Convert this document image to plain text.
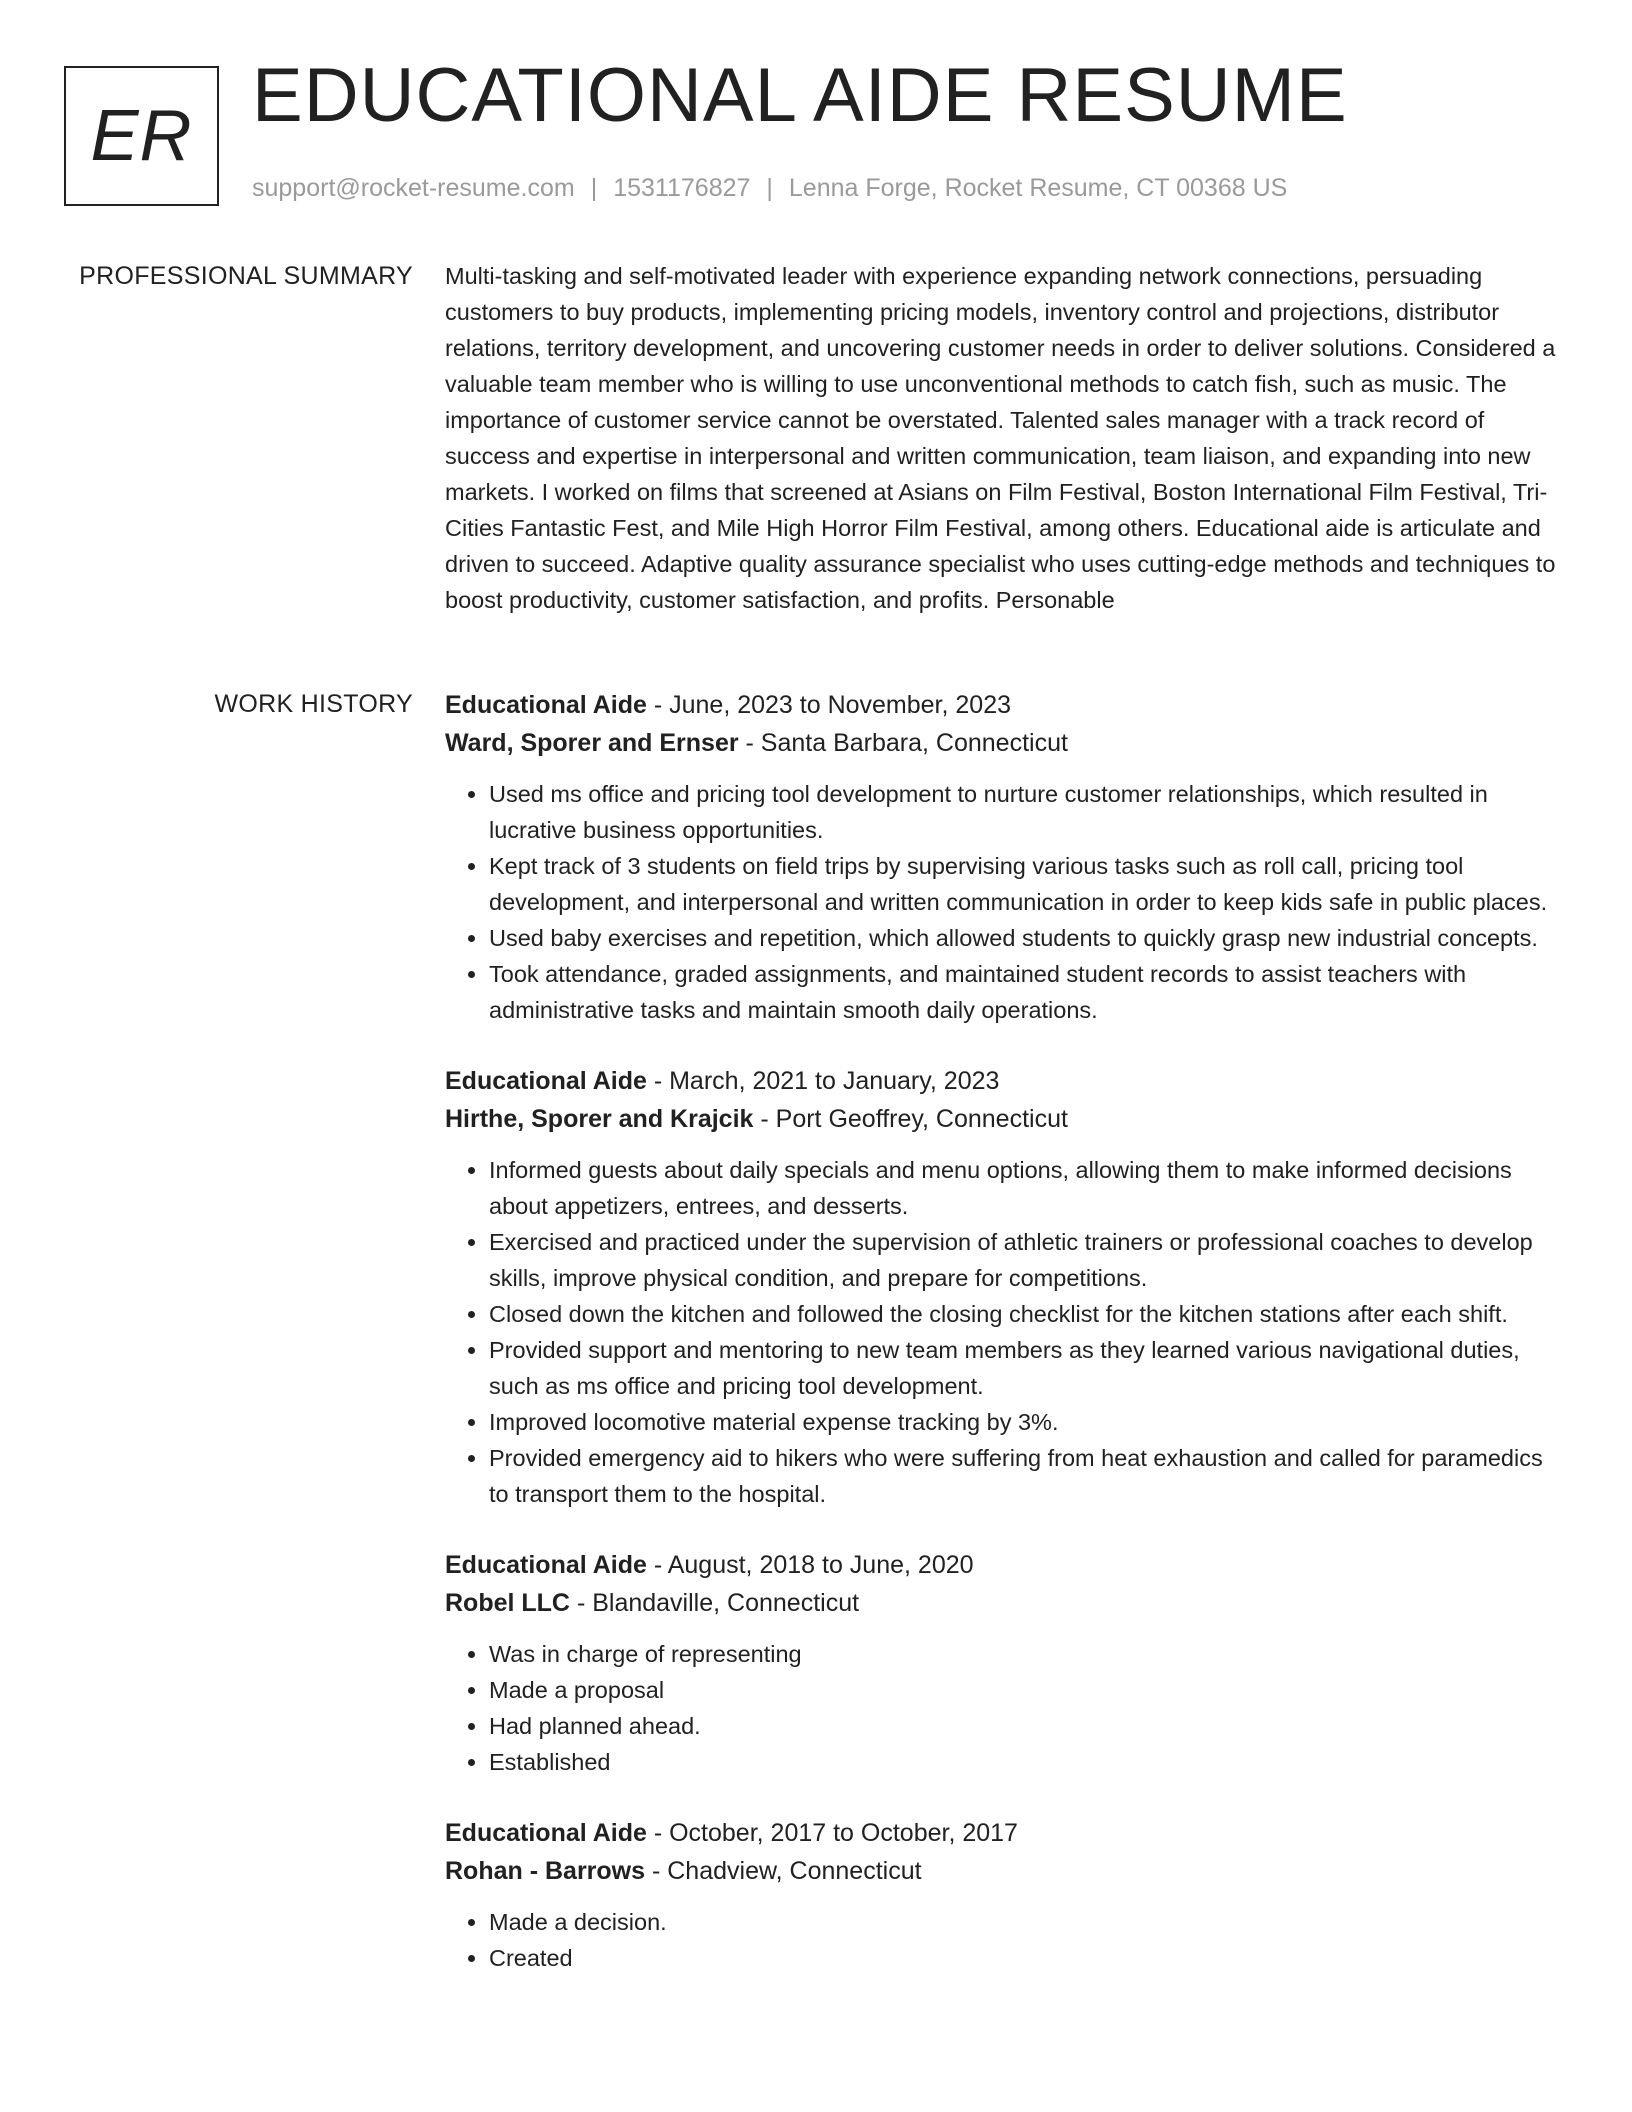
ER EDUCATIONAL AIDE RESUME
support@rocket-resume.com | 1531176827 | Lenna Forge, Rocket Resume, CT 00368 US
PROFESSIONAL SUMMARY Multi-tasking and self-motivated leader with experience expanding network connections, persuading customers to buy products, implementing pricing models, inventory control and projections, distributor relations, territory development, and uncovering customer needs in order to deliver solutions. Considered a valuable team member who is willing to use unconventional methods to catch fish, such as music. The importance of customer service cannot be overstated. Talented sales manager with a track record of success and expertise in interpersonal and written communication, team liaison, and expanding into new markets. I worked on films that screened at Asians on Film Festival, Boston International Film Festival, Tri-Cities Fantastic Fest, and Mile High Horror Film Festival, among others. Educational aide is articulate and driven to succeed. Adaptive quality assurance specialist who uses cutting-edge methods and techniques to boost productivity, customer satisfaction, and profits. Personable

WORK HISTORY Educational Aide - June, 2023 to November, 2023
Ward, Sporer and Ernser - Santa Barbara, Connecticut
• Used ms office and pricing tool development to nurture customer relationships, which resulted in lucrative business opportunities.
• Kept track of 3 students on field trips by supervising various tasks such as roll call, pricing tool development, and interpersonal and written communication in order to keep kids safe in public places.
• Used baby exercises and repetition, which allowed students to quickly grasp new industrial concepts.
• Took attendance, graded assignments, and maintained student records to assist teachers with administrative tasks and maintain smooth daily operations.
Educational Aide - March, 2021 to January, 2023
Hirthe, Sporer and Krajcik - Port Geoffrey, Connecticut
• Informed guests about daily specials and menu options, allowing them to make informed decisions about appetizers, entrees, and desserts.
• Exercised and practiced under the supervision of athletic trainers or professional coaches to develop skills, improve physical condition, and prepare for competitions.
• Closed down the kitchen and followed the closing checklist for the kitchen stations after each shift.
• Provided support and mentoring to new team members as they learned various navigational duties, such as ms office and pricing tool development.
• Improved locomotive material expense tracking by 3%.
• Provided emergency aid to hikers who were suffering from heat exhaustion and called for paramedics to transport them to the hospital.
Educational Aide - August, 2018 to June, 2020
Robel LLC - Blandaville, Connecticut
• Was in charge of representing
• Made a proposal
• Had planned ahead.
• Established
Educational Aide - October, 2017 to October, 2017
Rohan - Barrows - Chadview, Connecticut
• Made a decision.
• Created
